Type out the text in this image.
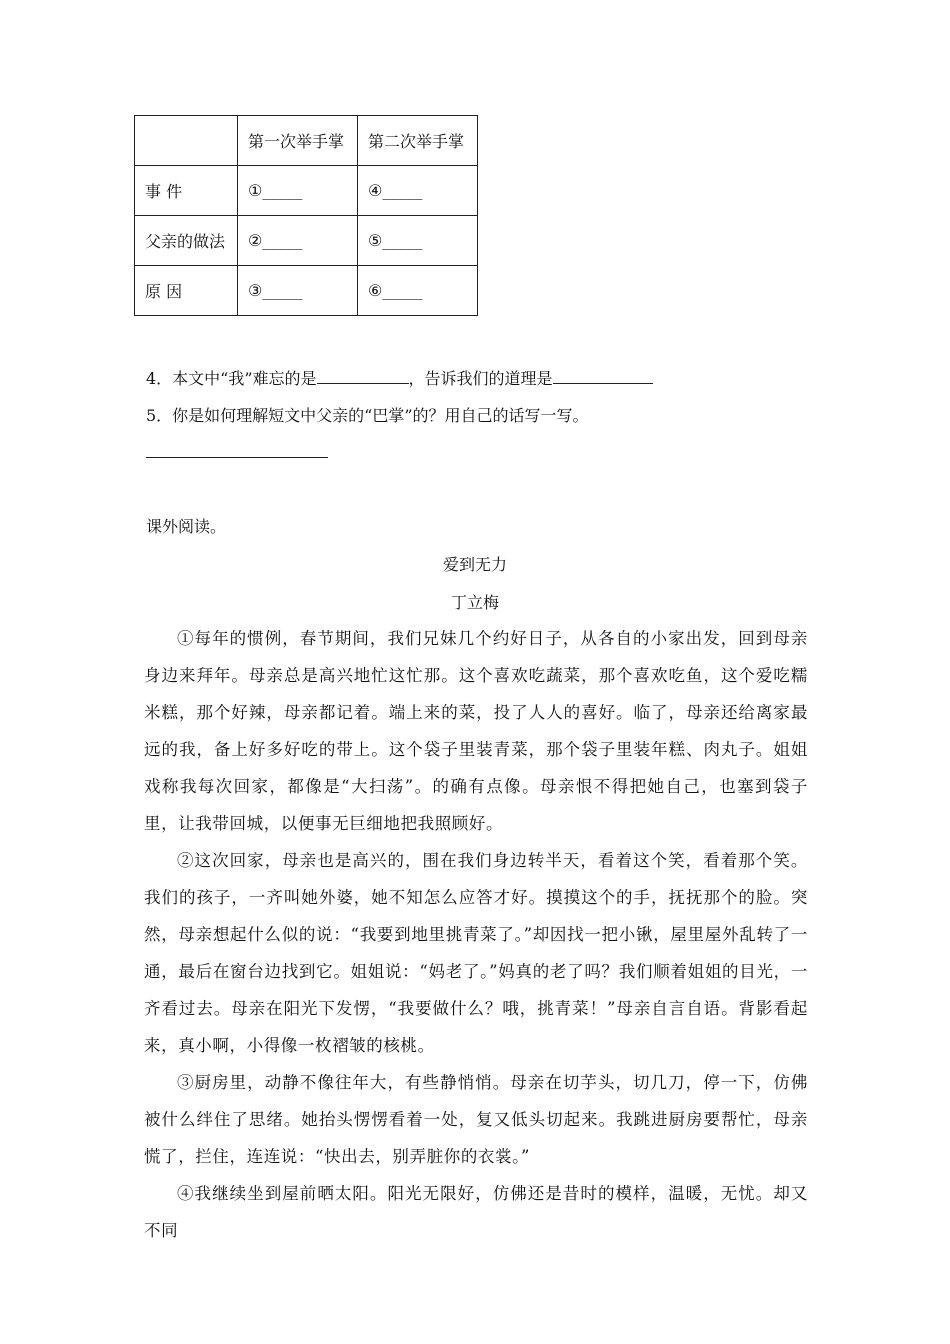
	第一次举手掌	第二次举手掌
事 件	①_____	④_____
父亲的做法	②_____	⑤_____
原 因	③_____	⑥_____
4．本文中“我”难忘的是	，告诉我们的道理是
5．你是如何理解短文中父亲的“巴掌”的？用自己的话写一写。
课外阅读。
爱到无力
丁立梅

①每年的惯例，春节期间，我们兄妹几个约好日子，从各自的小家出发，回到母亲身边来拜年。母亲总是高兴地忙这忙那。这个喜欢吃蔬菜，那个喜欢吃鱼，这个爱吃糯米糕，那个好辣，母亲都记着。端上来的菜，投了人人的喜好。临了，母亲还给离家最远的我，备上好多好吃的带上。这个袋子里装青菜，那个袋子里装年糕、肉丸子。姐姐戏称我每次回家，都像是“大扫荡”。的确有点像。母亲恨不得把她自己，也塞到袋子里，让我带回城，以便事无巨细地把我照顾好。

②这次回家，母亲也是高兴的，围在我们身边转半天，看着这个笑，看着那个笑。我们的孩子，一齐叫她外婆，她不知怎么应答才好。摸摸这个的手，抚抚那个的脸。突然，母亲想起什么似的说：“我要到地里挑青菜了。”却因找一把小锹，屋里屋外乱转了一通，最后在窗台边找到它。姐姐说：“妈老了。”妈真的老了吗？我们顺着姐姐的目光，一齐看过去。母亲在阳光下发愣，“我要做什么？哦，挑青菜！”母亲自言自语。背影看起来，真小啊，小得像一枚褶皱的核桃。

③厨房里，动静不像往年大，有些静悄悄。母亲在切芋头，切几刀，停一下，仿佛被什么绊住了思绪。她抬头愣愣看着一处，复又低头切起来。我跳进厨房要帮忙，母亲慌了，拦住，连连说：“快出去，别弄脏你的衣裳。”

④我继续坐到屋前晒太阳。阳光无限好，仿佛还是昔时的模样，温暖，无忧。却又不同
